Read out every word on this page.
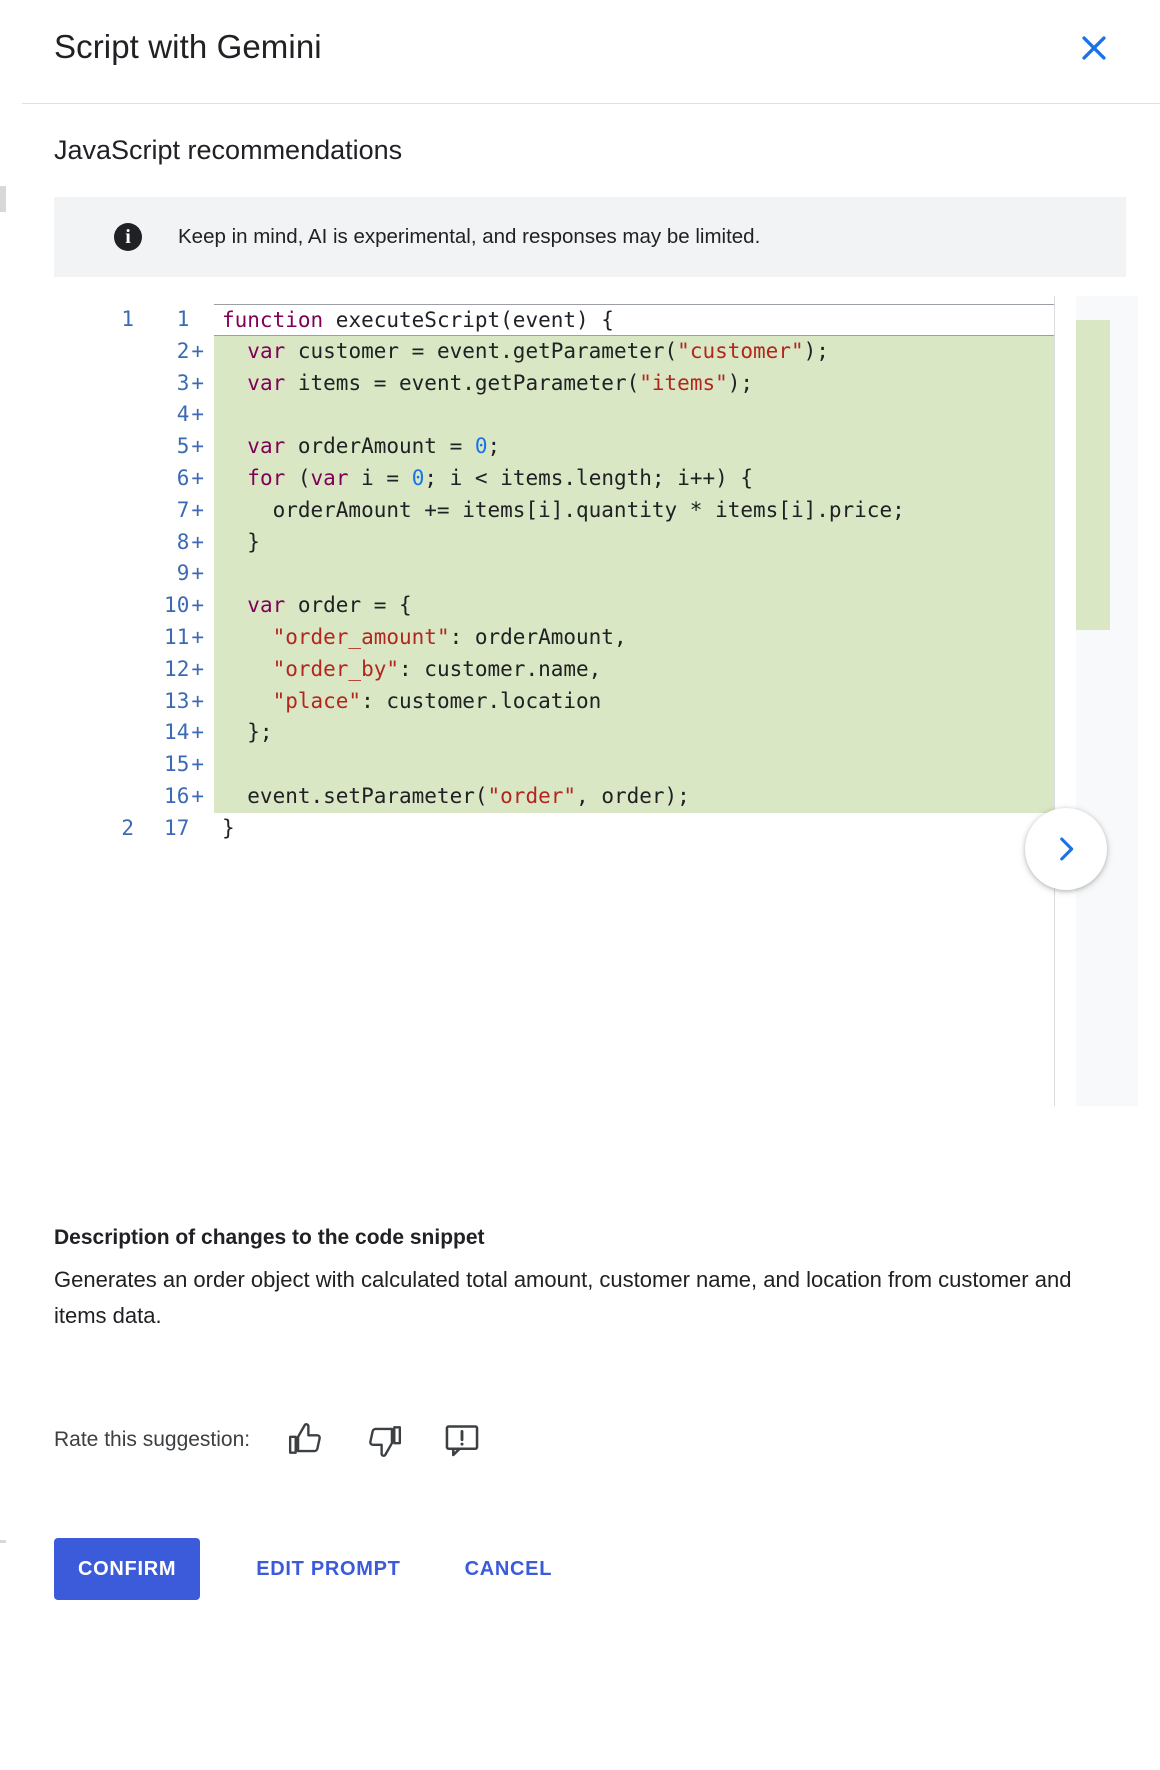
Script with Gemini
JavaScript recommendations
i	Keep in mind, AI is experimental, and responses may be limited.
1

2
1
2+
3+
4+
5+
6+
7+
8+
9+
10+
11+
12+
13+
14+
15+
16+
17
function executeScript(event) {
var customer = event.getParameter("customer");
var items = event.getParameter("items");

var orderAmount = 0;
for (var i = 0; i < items.length; i++) {
orderAmount += items[i].quantity * items[i].price;
}

var order = {
"order_amount": orderAmount,
"order_by": customer.name,
"place": customer.location
};

event.setParameter("order", order);
}
Description of changes to the code snippet
Generates an order object with calculated total amount, customer name, and location from customer and items data.
Rate this suggestion:
CONFIRM	EDIT PROMPT	CANCEL
